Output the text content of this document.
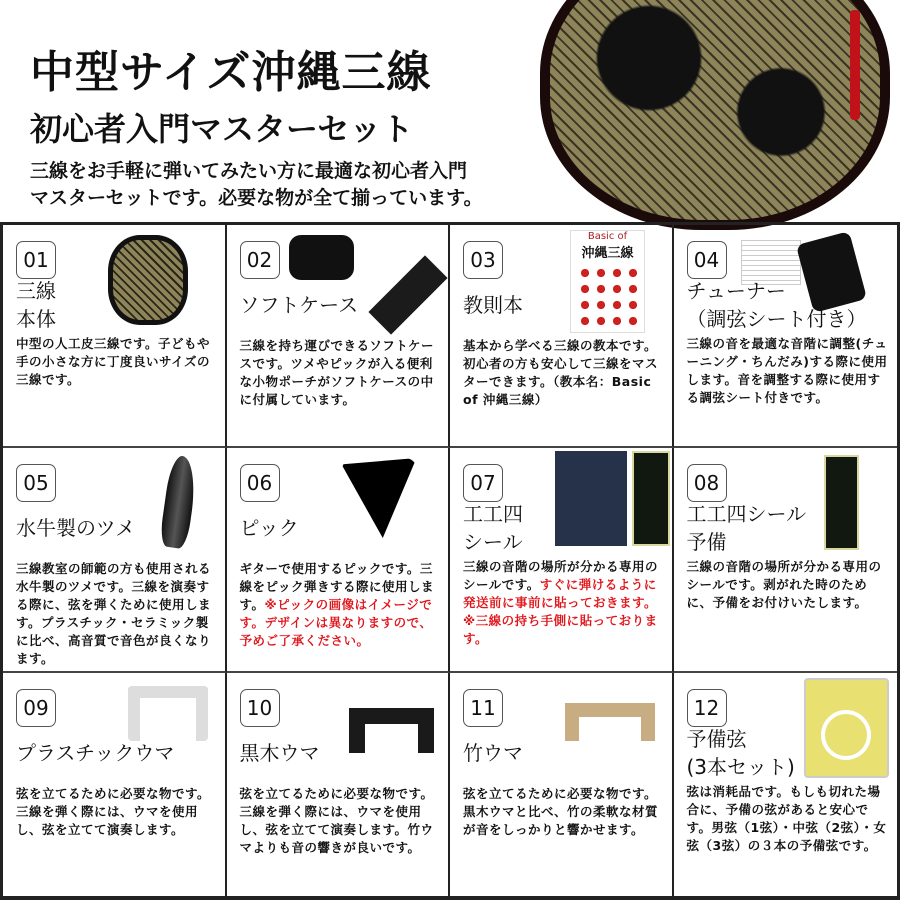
中型サイズ沖縄三線
初心者入門マスターセット
三線をお手軽に弾いてみたい方に最適な初心者入門
マスターセットです。必要な物が全て揃っています。
01
三線
本体
中型の人工皮三線です。子どもや手の小さな方に丁度良いサイズの三線です。
02
ソフトケース
三線を持ち運びできるソフトケースです。ツメやピックが入る便利な小物ポーチがソフトケースの中に付属しています。
Basic of
沖縄三線
03
教則本
基本から学べる三線の教本です。初心者の方も安心して三線をマスターできます。（教本名：Basic of 沖縄三線）
04
チューナー
（調弦シート付き）
三線の音を最適な音階に調整(チューニング・ちんだみ)する際に使用します。音を調整する際に使用する調弦シート付きです。
05
水牛製のツメ
三線教室の師範の方も使用される水牛製のツメです。三線を演奏する際に、弦を弾くために使用します。プラスチック・セラミック製に比べ、高音質で音色が良くなります。
06
ピック
ギターで使用するピックです。三線をピック弾きする際に使用します。※ピックの画像はイメージです。デザインは異なりますので、予めご了承ください。
07
工工四
シール
三線の音階の場所が分かる専用のシールです。すぐに弾けるように発送前に事前に貼っておきます。※三線の持ち手側に貼っております。
08
工工四シール
予備
三線の音階の場所が分かる専用のシールです。剥がれた時のために、予備をお付けいたします。
09
プラスチックウマ
弦を立てるために必要な物です。三線を弾く際には、ウマを使用し、弦を立てて演奏します。
10
黒木ウマ
弦を立てるために必要な物です。三線を弾く際には、ウマを使用し、弦を立てて演奏します。竹ウマよりも音の響きが良いです。
11
竹ウマ
弦を立てるために必要な物です。黒木ウマと比べ、竹の柔軟な材質が音をしっかりと響かせます。
12
予備弦
(3本セット)
弦は消耗品です。もしも切れた場合に、予備の弦があると安心です。男弦（1弦）・中弦（2弦）・女弦（3弦）の３本の予備弦です。
